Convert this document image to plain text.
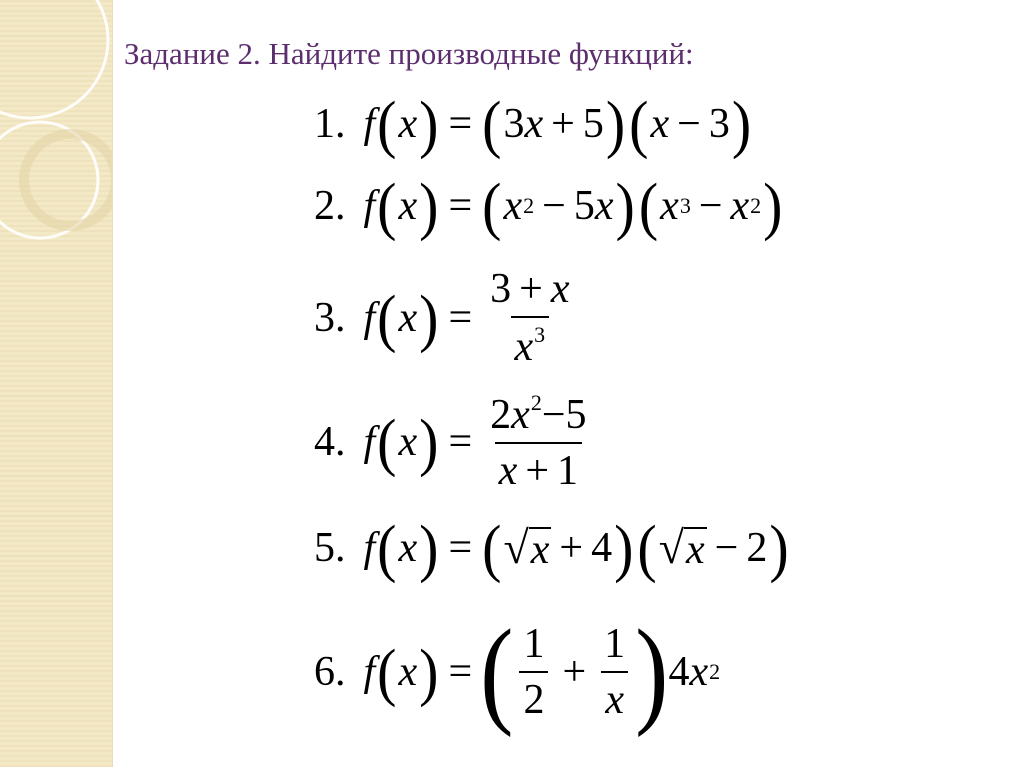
Задание 2. Найдите производные функций:
1. f ( x ) = ( 3 x + 5 ) ( x − 3 )
2. f ( x ) = ( x 2 − 5 x ) ( x 3 − x 2 )
3. f ( x ) = $\frac{3 + x}{x^3}$
4. f ( x ) = $\frac{2x^2-5}{x + 1}$
5. f ( x ) = ( √ x + 4 ) ( √ x − 2 )
6. f ( x ) = ( $\frac{1}{2} + \frac{1}{x}$ ) 4 x 2
